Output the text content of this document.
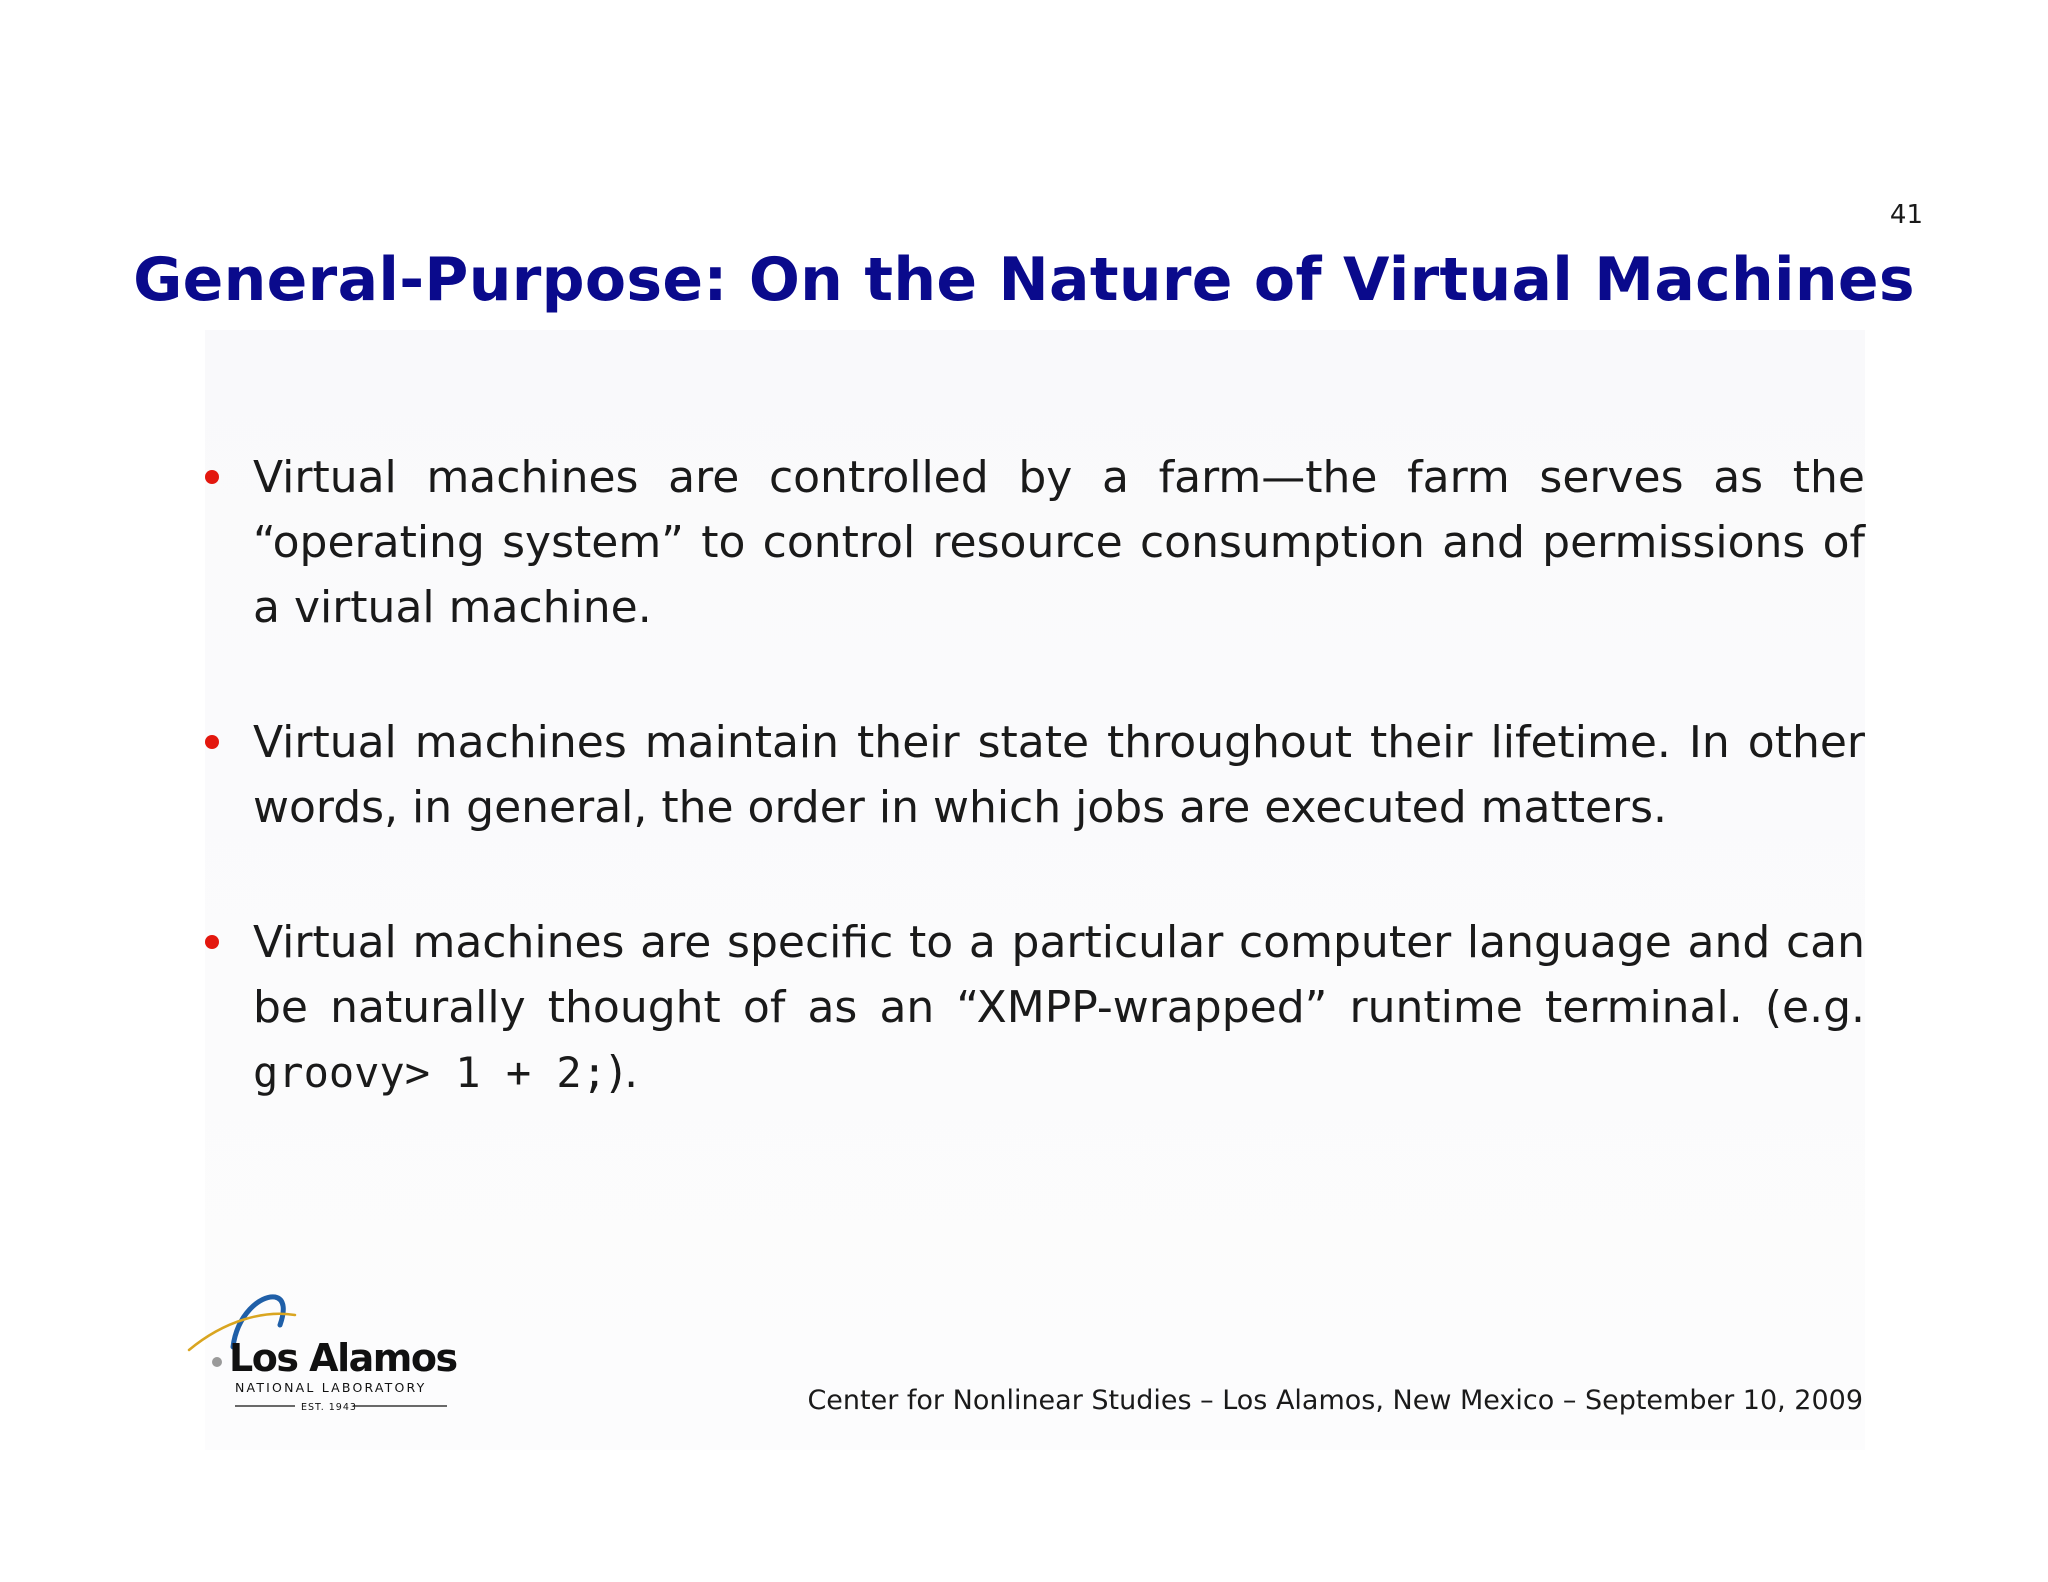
41
General-Purpose: On the Nature of Virtual Machines
Virtual machines are controlled by a farm—the farm serves as the “operating system” to control resource consumption and permissions of a virtual machine.
Virtual machines maintain their state throughout their lifetime. In other words, in general, the order in which jobs are executed matters.
Virtual machines are specific to a particular computer language and can be naturally thought of as an “XMPP-wrapped” runtime terminal. (e.g. groovy> 1 + 2;).
Los Alamos
NATIONAL LABORATORY
EST. 1943	Center for Nonlinear Studies – Los Alamos, New Mexico – September 10, 2009
